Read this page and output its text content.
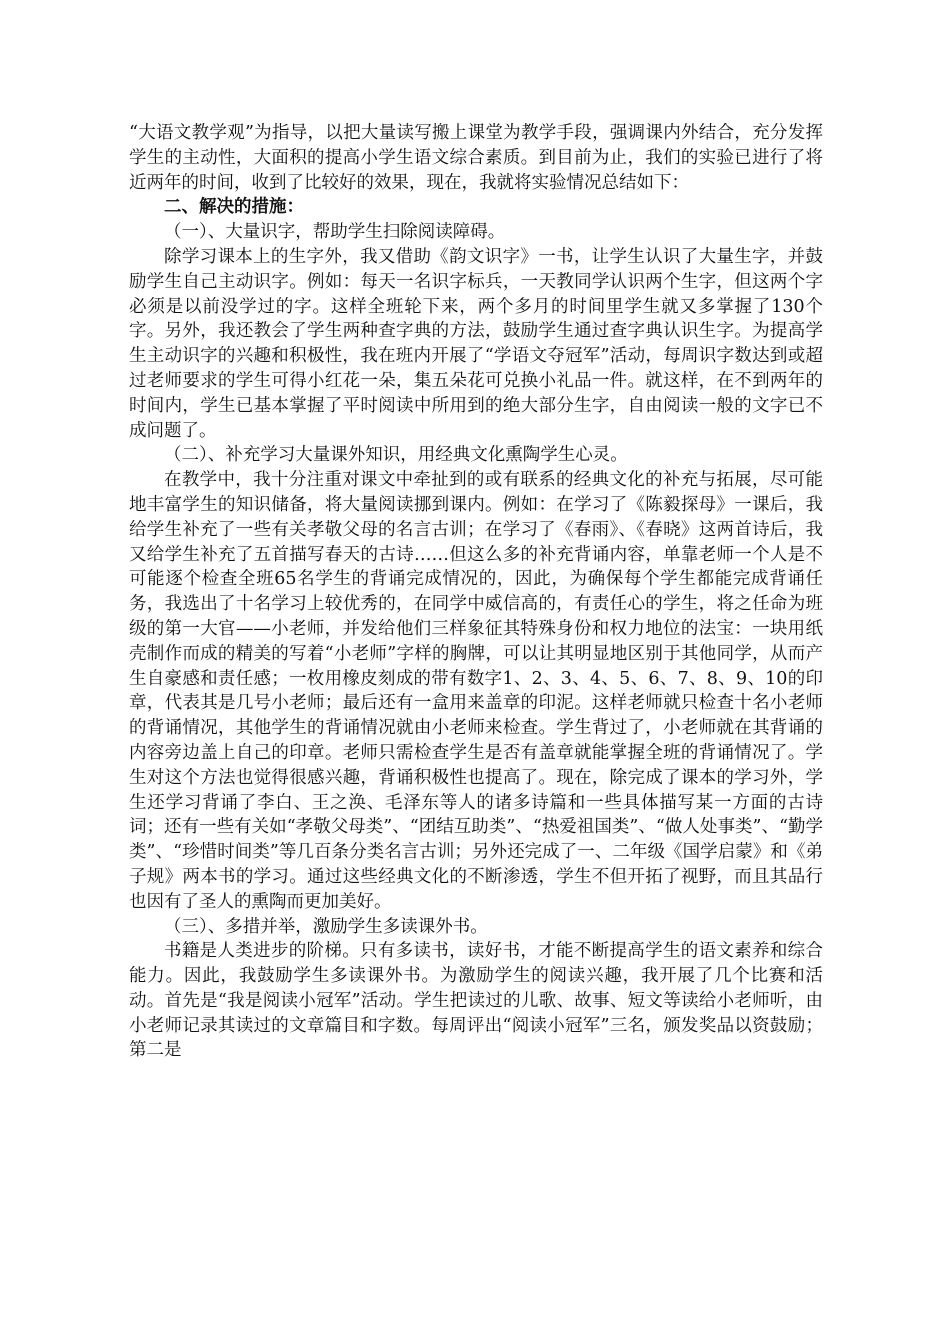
“大语文教学观”为指导，以把大量读写搬上课堂为教学手段，强调课内外结合，充分发挥学生的主动性，大面积的提高小学生语文综合素质。到目前为止，我们的实验已进行了将近两年的时间，收到了比较好的效果，现在，我就将实验情况总结如下：

二、解决的措施：

（一）、大量识字，帮助学生扫除阅读障碍。

除学习课本上的生字外，我又借助《韵文识字》一书，让学生认识了大量生字，并鼓励学生自己主动识字。例如：每天一名识字标兵，一天教同学认识两个生字，但这两个字必须是以前没学过的字。这样全班轮下来，两个多月的时间里学生就又多掌握了130个字。另外，我还教会了学生两种查字典的方法，鼓励学生通过查字典认识生字。为提高学生主动识字的兴趣和积极性，我在班内开展了“学语文夺冠军”活动，每周识字数达到或超过老师要求的学生可得小红花一朵，集五朵花可兑换小礼品一件。就这样，在不到两年的时间内，学生已基本掌握了平时阅读中所用到的绝大部分生字，自由阅读一般的文字已不成问题了。

（二）、补充学习大量课外知识，用经典文化熏陶学生心灵。

在教学中，我十分注重对课文中牵扯到的或有联系的经典文化的补充与拓展，尽可能地丰富学生的知识储备，将大量阅读挪到课内。例如：在学习了《陈毅探母》一课后，我给学生补充了一些有关孝敬父母的名言古训；在学习了《春雨》、《春晓》这两首诗后，我又给学生补充了五首描写春天的古诗……但这么多的补充背诵内容，单靠老师一个人是不可能逐个检查全班65名学生的背诵完成情况的，因此，为确保每个学生都能完成背诵任务，我选出了十名学习上较优秀的，在同学中威信高的，有责任心的学生，将之任命为班级的第一大官——小老师，并发给他们三样象征其特殊身份和权力地位的法宝：一块用纸壳制作而成的精美的写着“小老师”字样的胸牌，可以让其明显地区别于其他同学，从而产生自豪感和责任感；一枚用橡皮刻成的带有数字1、2、3、4、5、6、7、8、9、10的印章，代表其是几号小老师；最后还有一盒用来盖章的印泥。这样老师就只检查十名小老师的背诵情况，其他学生的背诵情况就由小老师来检查。学生背过了，小老师就在其背诵的内容旁边盖上自己的印章。老师只需检查学生是否有盖章就能掌握全班的背诵情况了。学生对这个方法也觉得很感兴趣，背诵积极性也提高了。现在，除完成了课本的学习外，学生还学习背诵了李白、王之涣、毛泽东等人的诸多诗篇和一些具体描写某一方面的古诗词；还有一些有关如“孝敬父母类”、“团结互助类”、“热爱祖国类”、“做人处事类”、“勤学类”、“珍惜时间类”等几百条分类名言古训；另外还完成了一、二年级《国学启蒙》和《弟子规》两本书的学习。通过这些经典文化的不断渗透，学生不但开拓了视野，而且其品行也因有了圣人的熏陶而更加美好。

（三）、多措并举，激励学生多读课外书。

书籍是人类进步的阶梯。只有多读书，读好书，才能不断提高学生的语文素养和综合能力。因此，我鼓励学生多读课外书。为激励学生的阅读兴趣，我开展了几个比赛和活动。首先是“我是阅读小冠军”活动。学生把读过的儿歌、故事、短文等读给小老师听，由小老师记录其读过的文章篇目和字数。每周评出“阅读小冠军”三名，颁发奖品以资鼓励；第二是
